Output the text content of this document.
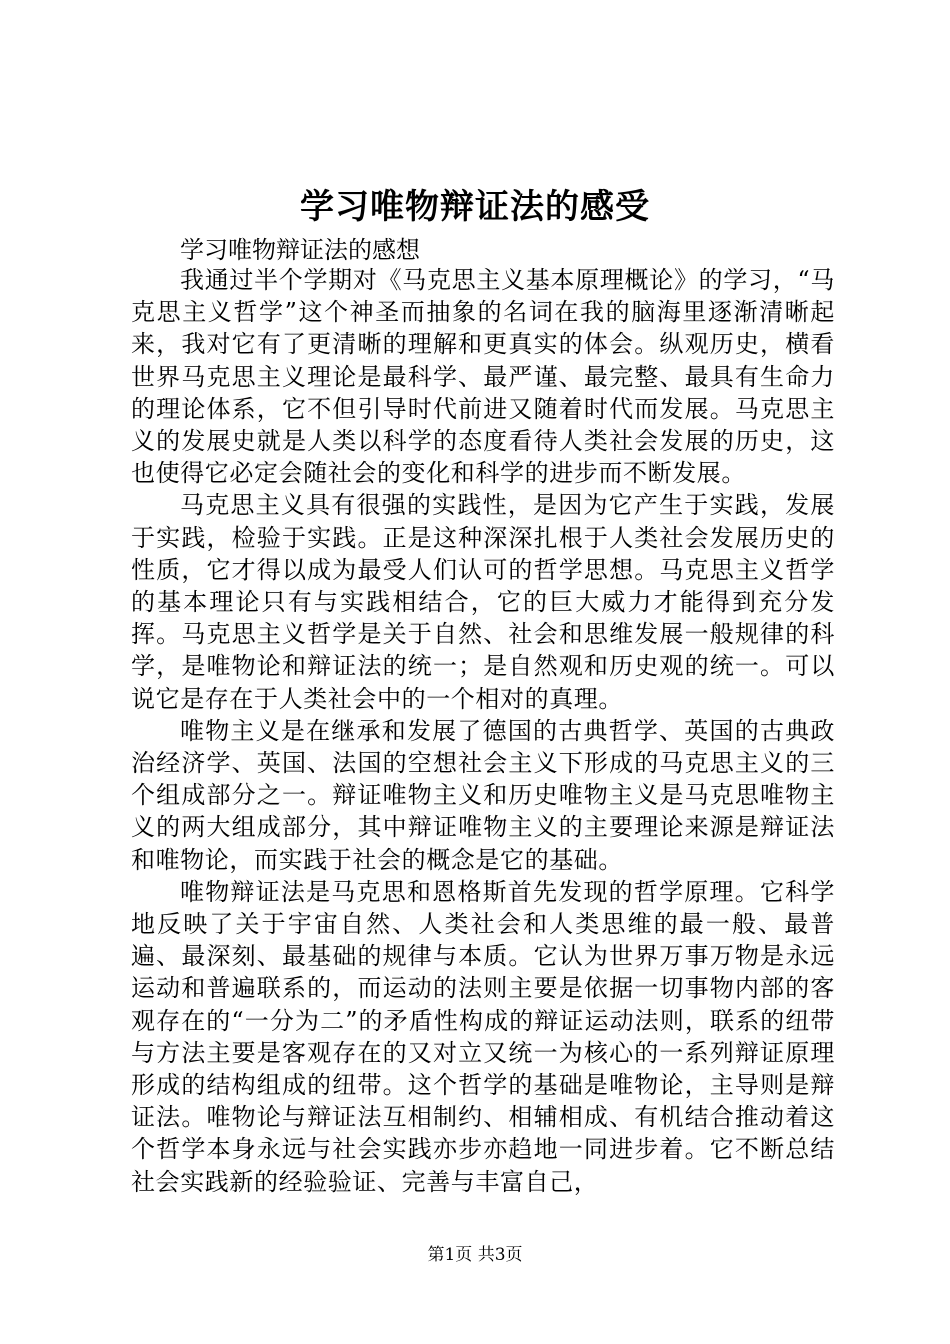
学习唯物辩证法的感受
学习唯物辩证法的感想

我通过半个学期对《马克思主义基本原理概论》的学习，“马克思主义哲学”这个神圣而抽象的名词在我的脑海里逐渐清晰起来，我对它有了更清晰的理解和更真实的体会。纵观历史，横看世界马克思主义理论是最科学、最严谨、最完整、最具有生命力的理论体系，它不但引导时代前进又随着时代而发展。马克思主义的发展史就是人类以科学的态度看待人类社会发展的历史，这也使得它必定会随社会的变化和科学的进步而不断发展。

马克思主义具有很强的实践性，是因为它产生于实践，发展于实践，检验于实践。正是这种深深扎根于人类社会发展历史的性质，它才得以成为最受人们认可的哲学思想。马克思主义哲学的基本理论只有与实践相结合，它的巨大威力才能得到充分发挥。马克思主义哲学是关于自然、社会和思维发展一般规律的科学，是唯物论和辩证法的统一；是自然观和历史观的统一。可以说它是存在于人类社会中的一个相对的真理。

唯物主义是在继承和发展了德国的古典哲学、英国的古典政治经济学、英国、法国的空想社会主义下形成的马克思主义的三个组成部分之一。辩证唯物主义和历史唯物主义是马克思唯物主义的两大组成部分，其中辩证唯物主义的主要理论来源是辩证法和唯物论，而实践于社会的概念是它的基础。

唯物辩证法是马克思和恩格斯首先发现的哲学原理。它科学地反映了关于宇宙自然、人类社会和人类思维的最一般、最普遍、最深刻、最基础的规律与本质。它认为世界万事万物是永远运动和普遍联系的，而运动的法则主要是依据一切事物内部的客观存在的“一分为二”的矛盾性构成的辩证运动法则，联系的纽带与方法主要是客观存在的又对立又统一为核心的一系列辩证原理形成的结构组成的纽带。这个哲学的基础是唯物论，主导则是辩证法。唯物论与辩证法互相制约、相辅相成、有机结合推动着这个哲学本身永远与社会实践亦步亦趋地一同进步着。它不断总结社会实践新的经验验证、完善与丰富自己，

第1页 共3页
